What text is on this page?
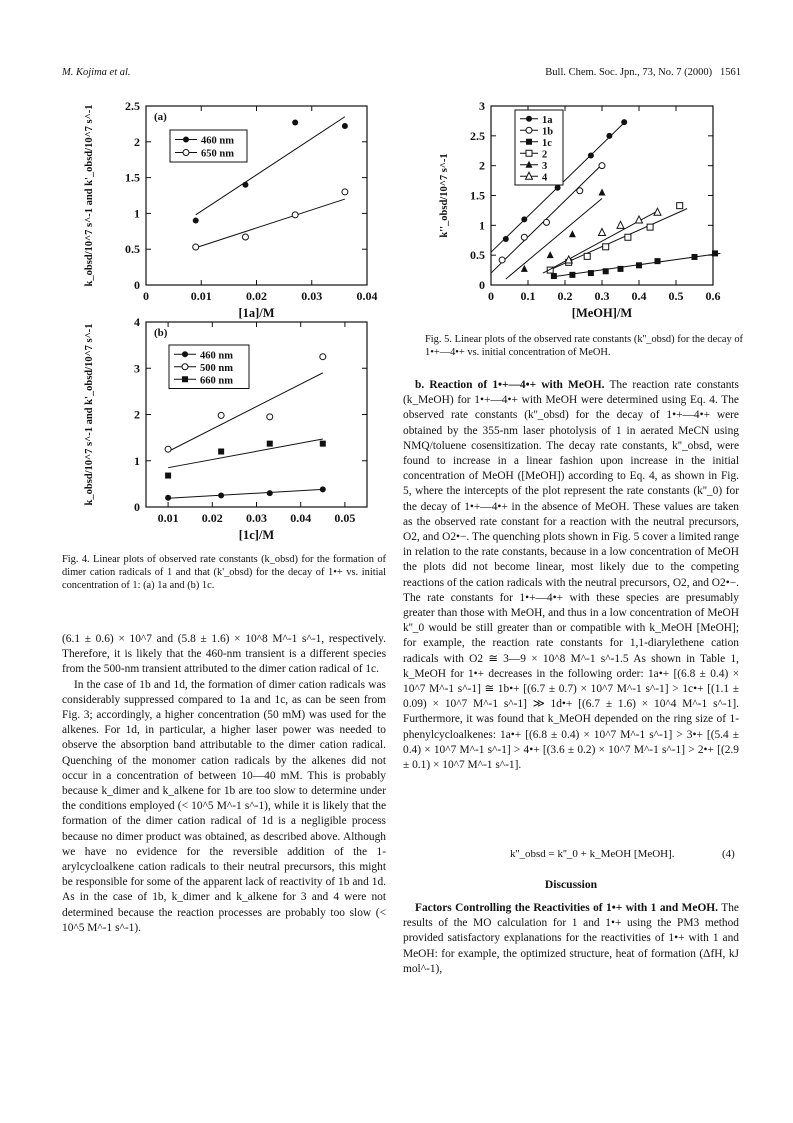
M. Kojima et al.	Bull. Chem. Soc. Jpn., 73, No. 7 (2000) 1561
0	0.01	0.02	0.03	0.04
0
0.5
1
1.5
2
2.5
[1a]/M
k_obsd/10^7 s^-1 and k'_obsd/10^7 s^-1	(a)
460 nm
650 nm
0.01 0.02 0.03 0.04 0.05
0
1
2
3
4
[1c]/M
k_obsd/10^7 s^-1 and k'_obsd/10^7 s^-1	(b)
460 nm
500 nm
660 nm
0 0.1 0.2 0.3 0.4 0.5 0.6
0
0.5
1
1.5
2
2.5
3
[MeOH]/M
k''_obsd/10^7 s^-1
1a
1b
1c
2
3
4
Fig. 4. Linear plots of observed rate constants (k_obsd) for the formation of dimer cation radicals of 1 and that (k'_obsd) for the decay of 1•+ vs. initial concentration of 1: (a) 1a and (b) 1c.
Fig. 5. Linear plots of the observed rate constants (k''_obsd) for the decay of 1•+—4•+ vs. initial concentration of MeOH.

(6.1 ± 0.6) × 10^7 and (5.8 ± 1.6) × 10^8 M^-1 s^-1, respectively. Therefore, it is likely that the 460-nm transient is a different species from the 500-nm transient attributed to the dimer cation radical of 1c.

In the case of 1b and 1d, the formation of dimer cation radicals was considerably suppressed compared to 1a and 1c, as can be seen from Fig. 3; accordingly, a higher concentration (50 mM) was used for the alkenes. For 1d, in particular, a higher laser power was needed to observe the absorption band attributable to the dimer cation radical. Quenching of the monomer cation radicals by the alkenes did not occur in a concentration of between 10—40 mM. This is probably because k_dimer and k_alkene for 1b are too slow to determine under the conditions employed (< 10^5 M^-1 s^-1), while it is likely that the formation of the dimer cation radical of 1d is a negligible process because no dimer product was obtained, as described above. Although we have no evidence for the reversible addition of the 1-arylcycloalkene cation radicals to their neutral precursors, this might be responsible for some of the apparent lack of reactivity of 1b and 1d. As in the case of 1b, k_dimer and k_alkene for 3 and 4 were not determined because the reaction processes are probably too slow (< 10^5 M^-1 s^-1).

b. Reaction of 1•+—4•+ with MeOH. The reaction rate constants (k_MeOH) for 1•+—4•+ with MeOH were determined using Eq. 4. The observed rate constants (k''_obsd) for the decay of 1•+—4•+ were obtained by the 355-nm laser photolysis of 1 in aerated MeCN using NMQ/toluene cosensitization. The decay rate constants, k''_obsd, were found to increase in a linear fashion upon increase in the initial concentration of MeOH ([MeOH]) according to Eq. 4, as shown in Fig. 5, where the intercepts of the plot represent the rate constants (k''_0) for the decay of 1•+—4•+ in the absence of MeOH. These values are taken as the observed rate constant for a reaction with the neutral precursors, O2, and O2•−. The quenching plots shown in Fig. 5 cover a limited range in relation to the rate constants, because in a low concentration of MeOH the plots did not become linear, most likely due to the competing reactions of the cation radicals with the neutral precursors, O2, and O2•−. The rate constants for 1•+—4•+ with these species are presumably greater than those with MeOH, and thus in a low concentration of MeOH k''_0 would be still greater than or compatible with k_MeOH [MeOH]; for example, the reaction rate constants for 1,1-diarylethene cation radicals with O2 ≅ 3—9 × 10^8 M^-1 s^-1.5 As shown in Table 1, k_MeOH for 1•+ decreases in the following order: 1a•+ [(6.8 ± 0.4) × 10^7 M^-1 s^-1] ≅ 1b•+ [(6.7 ± 0.7) × 10^7 M^-1 s^-1] > 1c•+ [(1.1 ± 0.09) × 10^7 M^-1 s^-1] ≫ 1d•+ [(6.7 ± 1.6) × 10^4 M^-1 s^-1]. Furthermore, it was found that k_MeOH depended on the ring size of 1-phenylcycloalkenes: 1a•+ [(6.8 ± 0.4) × 10^7 M^-1 s^-1] > 3•+ [(5.4 ± 0.4) × 10^7 M^-1 s^-1] > 4•+ [(3.6 ± 0.2) × 10^7 M^-1 s^-1] > 2•+ [(2.9 ± 0.1) × 10^7 M^-1 s^-1].

k''_obsd = k''_0 + k_MeOH [MeOH].	(4)
Discussion

Factors Controlling the Reactivities of 1•+ with 1 and MeOH. The results of the MO calculation for 1 and 1•+ using the PM3 method provided satisfactory explanations for the reactivities of 1•+ with 1 and MeOH: for example, the optimized structure, heat of formation (ΔfH, kJ mol^-1),
